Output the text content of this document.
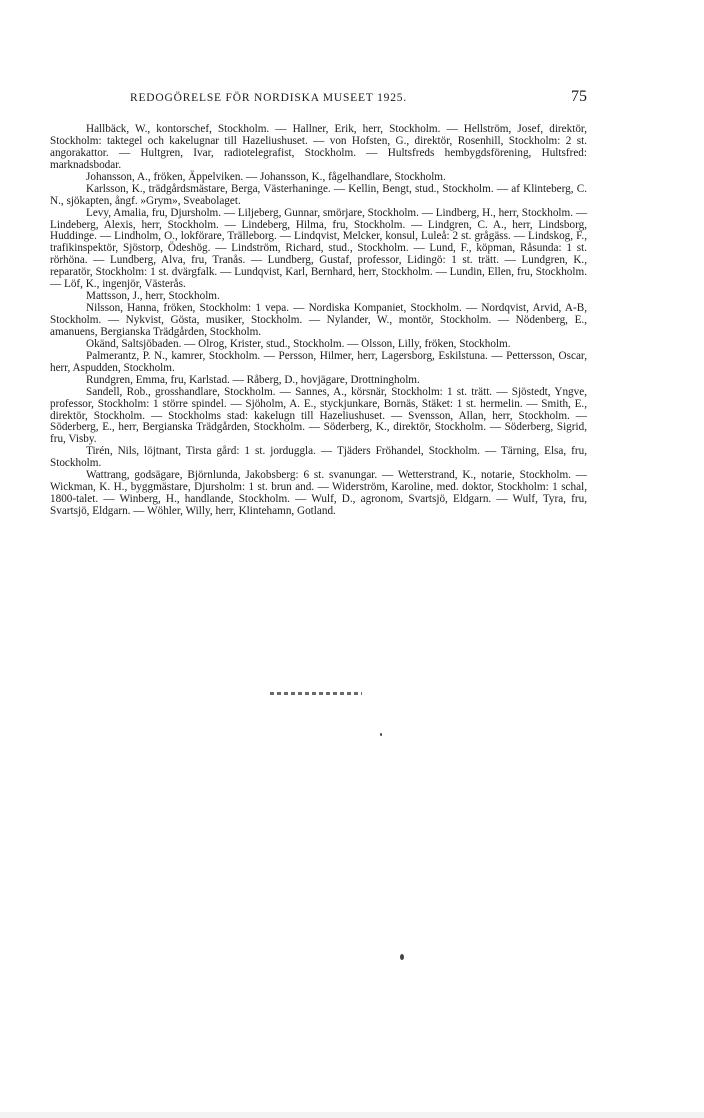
REDOGÖRELSE FÖR NORDISKA MUSEET 1925.	75

Hallbäck, W., kontorschef, Stockholm. — Hallner, Erik, herr, Stockholm. — Hellström, Josef, direktör, Stockholm: taktegel och kakelugnar till Hazeliushuset. — von Hofsten, G., direktör, Rosenhill, Stockholm: 2 st. angorakattor. — Hultgren, Ivar, radiotelegrafist, Stockholm. — Hultsfreds hembygdsförening, Hultsfred: marknadsbodar.

Johansson, A., fröken, Äppelviken. — Johansson, K., fågelhandlare, Stockholm.

Karlsson, K., trädgårdsmästare, Berga, Västerhaninge. — Kellin, Bengt, stud., Stockholm. — af Klinteberg, C. N., sjökapten, ångf. »Grym», Sveabolaget.

Levy, Amalia, fru, Djursholm. — Liljeberg, Gunnar, smörjare, Stockholm. — Lindberg, H., herr, Stockholm. — Lindeberg, Alexis, herr, Stockholm. — Lindeberg, Hilma, fru, Stockholm. — Lindgren, C. A., herr, Lindsborg, Huddinge. — Lindholm, O., lokförare, Trälleborg. — Lindqvist, Melcker, konsul, Luleå: 2 st. grågäss. — Lindskog, F., trafikinspektör, Sjöstorp, Ödeshög. — Lindström, Richard, stud., Stockholm. — Lund, F., köpman, Råsunda: 1 st. rörhöna. — Lundberg, Alva, fru, Tranås. — Lundberg, Gustaf, professor, Lidingö: 1 st. trätt. — Lundgren, K., reparatör, Stockholm: 1 st. dvärgfalk. — Lundqvist, Karl, Bernhard, herr, Stockholm. — Lundin, Ellen, fru, Stockholm. — Löf, K., ingenjör, Västerås.

Mattsson, J., herr, Stockholm.

Nilsson, Hanna, fröken, Stockholm: 1 vepa. — Nordiska Kompaniet, Stockholm. — Nordqvist, Arvid, A-B, Stockholm. — Nykvist, Gösta, musiker, Stockholm. — Nylander, W., montör, Stockholm. — Nödenberg, E., amanuens, Bergianska Trädgården, Stockholm.

Okänd, Saltsjöbaden. — Olrog, Krister, stud., Stockholm. — Olsson, Lilly, fröken, Stockholm.

Palmerantz, P. N., kamrer, Stockholm. — Persson, Hilmer, herr, Lagersborg, Eskilstuna. — Pettersson, Oscar, herr, Aspudden, Stockholm.

Rundgren, Emma, fru, Karlstad. — Råberg, D., hovjägare, Drottningholm.

Sandell, Rob., grosshandlare, Stockholm. — Sannes, A., körsnär, Stockholm: 1 st. trätt. — Sjöstedt, Yngve, professor, Stockholm: 1 större spindel. — Sjöholm, A. E., styckjunkare, Bornäs, Stäket: 1 st. hermelin. — Smith, E., direktör, Stockholm. — Stockholms stad: kakelugn till Hazeliushuset. — Svensson, Allan, herr, Stockholm. — Söderberg, E., herr, Bergianska Trädgården, Stockholm. — Söderberg, K., direktör, Stockholm. — Söderberg, Sigrid, fru, Visby.

Tirén, Nils, löjtnant, Tirsta gård: 1 st. jordugglа. — Tjäders Fröhandel, Stockholm. — Tärning, Elsa, fru, Stockholm.

Wattrang, godsägare, Björnlunda, Jakobsberg: 6 st. svanungar. — Wetterstrand, K., notarie, Stockholm. — Wickman, K. H., byggmästare, Djursholm: 1 st. brun and. — Widerström, Karoline, med. doktor, Stockholm: 1 schal, 1800-talet. — Winberg, H., handlande, Stockholm. — Wulf, D., agronom, Svartsjö, Eldgarn. — Wulf, Tyra, fru, Svartsjö, Eldgarn. — Wöhler, Willy, herr, Klintehamn, Gotland.
